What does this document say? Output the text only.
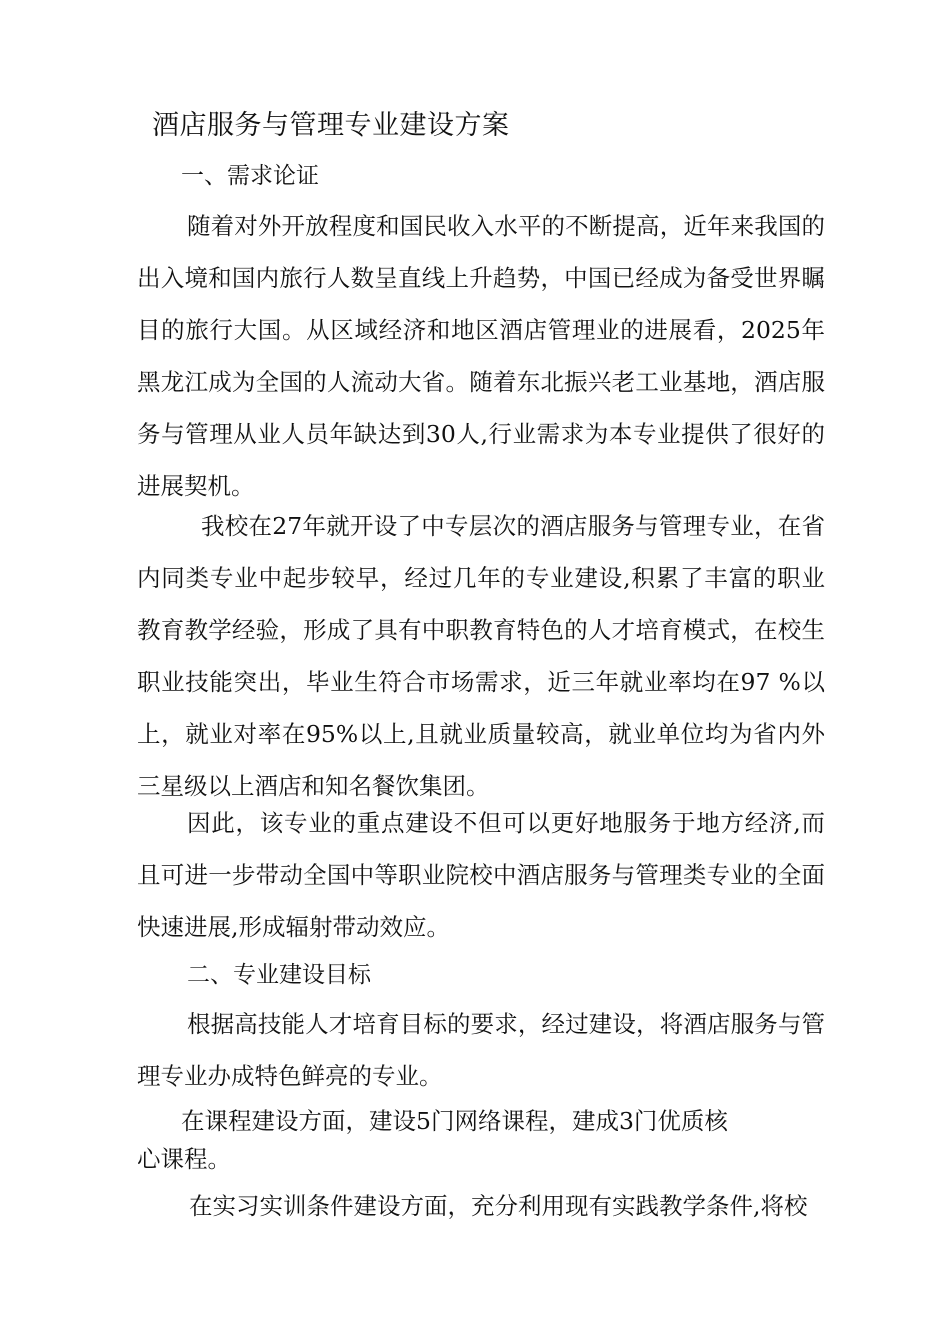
酒店服务与管理专业建设方案
一、需求论证

随着对外开放程度和国民收入水平的不断提高，近年来我国的出入境和国内旅行人数呈直线上升趋势，中国已经成为备受世界瞩目的旅行大国。从区域经济和地区酒店管理业的进展看，2025年黑龙江成为全国的人流动大省。随着东北振兴老工业基地，酒店服务与管理从业人员年缺达到30人,行业需求为本专业提供了很好的进展契机。

我校在27年就开设了中专层次的酒店服务与管理专业，在省内同类专业中起步较早，经过几年的专业建设,积累了丰富的职业教育教学经验，形成了具有中职教育特色的人才培育模式，在校生职业技能突出，毕业生符合市场需求，近三年就业率均在97 %以上，就业对率在95%以上,且就业质量较高，就业单位均为省内外三星级以上酒店和知名餐饮集团。

因此，该专业的重点建设不但可以更好地服务于地方经济,而且可进一步带动全国中等职业院校中酒店服务与管理类专业的全面快速进展,形成辐射带动效应。

二、专业建设目标

根据高技能人才培育目标的要求，经过建设，将酒店服务与管理专业办成特色鲜亮的专业。

在课程建设方面，建设5门网络课程，建成3门优质核
心课程。

在实习实训条件建设方面，充分利用现有实践教学条件,将校
